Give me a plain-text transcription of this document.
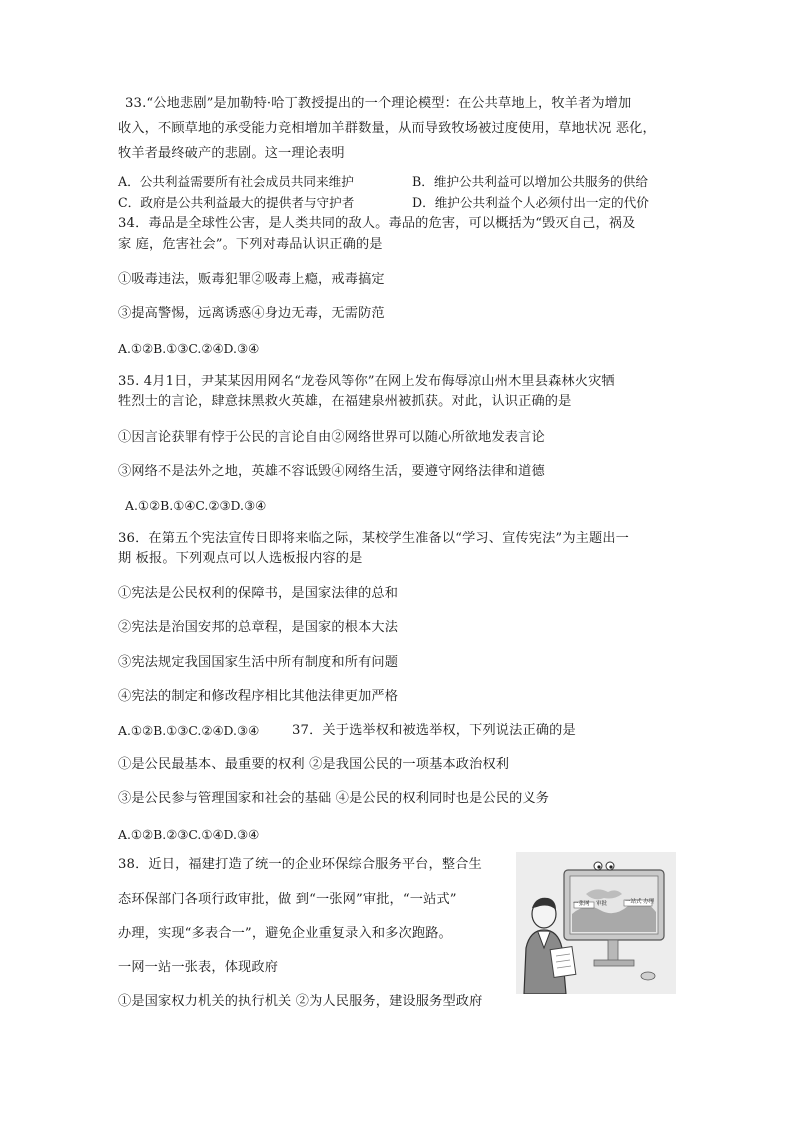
33.“公地悲剧”是加勒特·哈丁教授提出的一个理论模型：在公共草地上，牧羊者为增加
收入，不顾草地的承受能力竞相增加羊群数量，从而导致牧场被过度使用，草地状况 恶化，
牧羊者最终破产的悲剧。这一理论表明
A．公共利益需要所有社会成员共同来维护	B．维护公共利益可以增加公共服务的供给
C．政府是公共利益最大的提供者与守护者	D．维护公共利益个人必须付出一定的代价
34．毒品是全球性公害，是人类共同的敌人。毒品的危害，可以概括为“毁灭自己，祸及
家 庭，危害社会”。下列对毒品认识正确的是
①吸毒违法，贩毒犯罪②吸毒上瘾，戒毒搞定
③提高警惕，远离诱惑④身边无毒，无需防范
A.①②B.①③C.②④D.③④
35. 4月1日，尹某某因用网名“龙卷风等你”在网上发布侮辱凉山州木里县森林火灾牺
牲烈士的言论，肆意抹黑救火英雄，在福建泉州被抓获。对此，认识正确的是
①因言论获罪有悖于公民的言论自由②网络世界可以随心所欲地发表言论
③网络不是法外之地，英雄不容诋毁④网络生活，要遵守网络法律和道德
A.①②B.①④C.②③D.③④
36．在第五个宪法宣传日即将来临之际，某校学生准备以“学习、宣传宪法”为主题出一
期 板报。下列观点可以人选板报内容的是
①宪法是公民权利的保障书，是国家法律的总和
②宪法是治国安邦的总章程，是国家的根本大法
③宪法规定我国国家生活中所有制度和所有问题
④宪法的制定和修改程序相比其他法律更加严格
A.①②B.①③C.②④D.③④ 37．关于选举权和被选举权，下列说法正确的是
①是公民最基本、最重要的权利 ②是我国公民的一项基本政治权利
③是公民参与管理国家和社会的基础 ④是公民的权利同时也是公民的义务
A.①②B.②③C.①④D.③④
38．近日，福建打造了统一的企业环保综合服务平台，整合生
态环保部门各项行政审批，做 到“一张网”审批，“一站式”
办理，实现“多表合一”，避免企业重复录入和多次跑路。
一网一站一张表，体现政府
①是国家权力机关的执行机关 ②为人民服务，建设服务型政府
一张网 审批	一站式 办理
